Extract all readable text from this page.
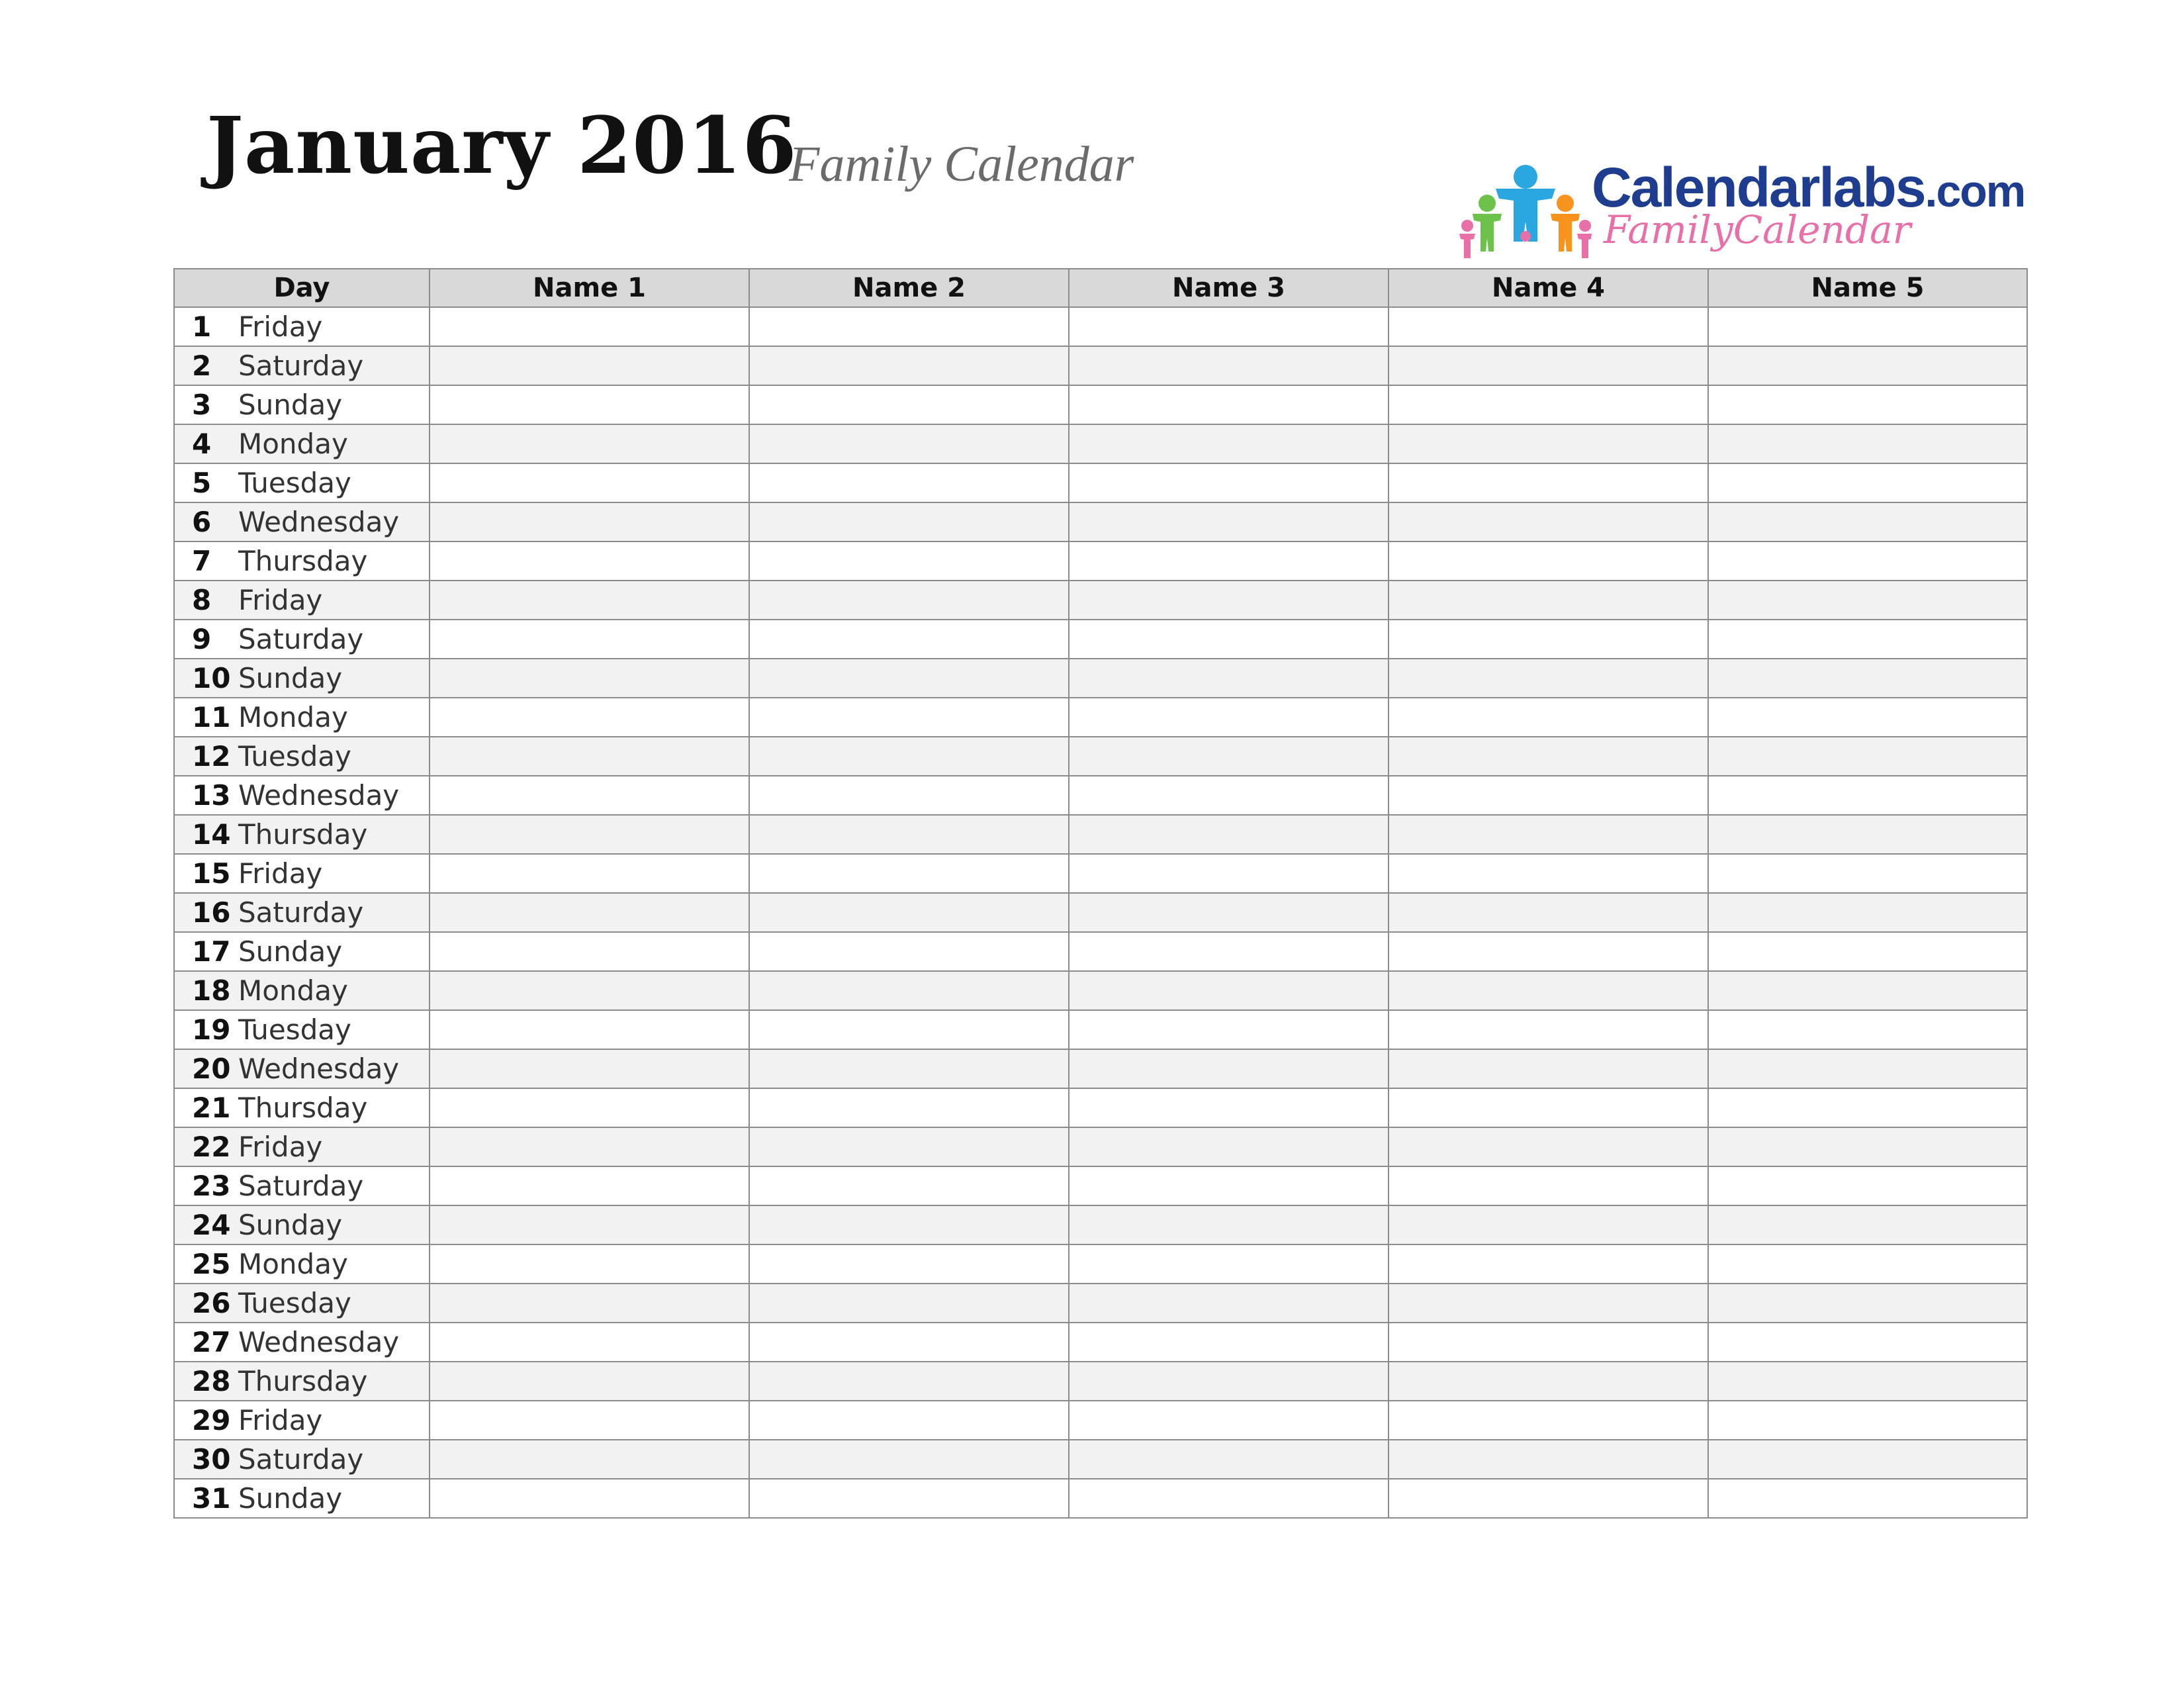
January 2016
Family Calendar	Calendarlabs.com
FamilyCalendar
Day	Name 1	Name 2	Name 3	Name 4	Name 5
1 Friday					
2 Saturday					
3 Sunday					
4 Monday					
5 Tuesday					
6 Wednesday					
7 Thursday					
8 Friday					
9 Saturday					
10 Sunday					
11 Monday					
12 Tuesday					
13 Wednesday					
14 Thursday					
15 Friday					
16 Saturday					
17 Sunday					
18 Monday					
19 Tuesday					
20 Wednesday					
21 Thursday					
22 Friday					
23 Saturday					
24 Sunday					
25 Monday					
26 Tuesday					
27 Wednesday					
28 Thursday					
29 Friday					
30 Saturday					
31 Sunday					
